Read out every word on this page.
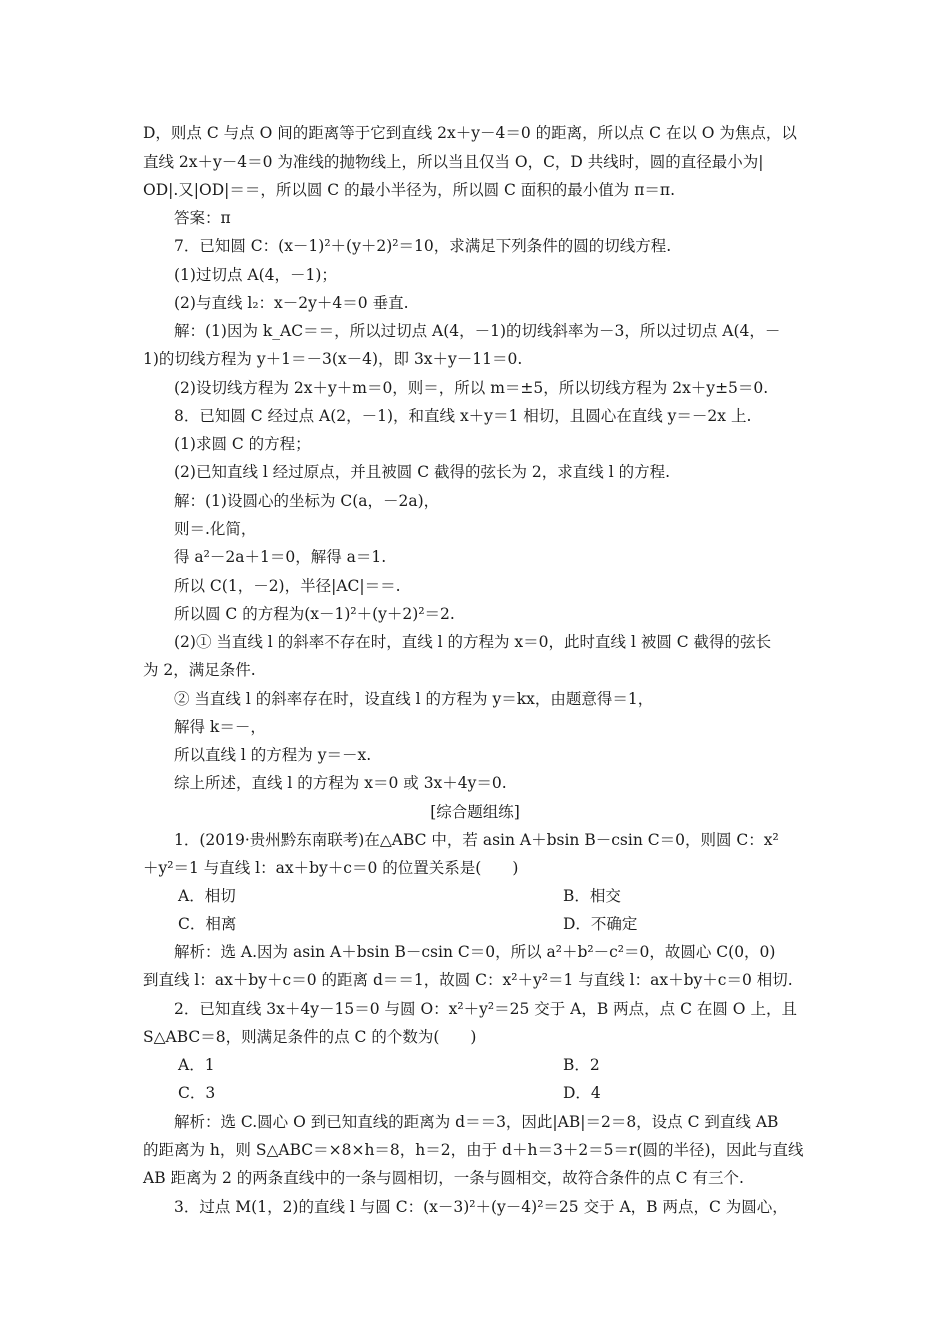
D，则点 C 与点 O 间的距离等于它到直线 2x＋y－4＝0 的距离，所以点 C 在以 O 为焦点，以
直线 2x＋y－4＝0 为准线的抛物线上，所以当且仅当 O，C，D 共线时，圆的直径最小为|
OD|.又|OD|＝＝，所以圆 C 的最小半径为，所以圆 C 面积的最小值为 π＝π.
答案：π
7．已知圆 C：(x－1)²＋(y＋2)²＝10，求满足下列条件的圆的切线方程.
(1)过切点 A(4，－1)；
(2)与直线 l₂：x－2y＋4＝0 垂直.
解：(1)因为 k_AC＝＝，所以过切点 A(4，－1)的切线斜率为－3，所以过切点 A(4，－
1)的切线方程为 y＋1＝－3(x－4)，即 3x＋y－11＝0.
(2)设切线方程为 2x＋y＋m＝0，则＝，所以 m＝±5，所以切线方程为 2x＋y±5＝0.
8．已知圆 C 经过点 A(2，－1)，和直线 x＋y＝1 相切，且圆心在直线 y＝－2x 上.
(1)求圆 C 的方程；
(2)已知直线 l 经过原点，并且被圆 C 截得的弦长为 2，求直线 l 的方程.
解：(1)设圆心的坐标为 C(a，－2a)，
则＝.化简，
得 a²－2a＋1＝0，解得 a＝1.
所以 C(1，－2)，半径|AC|＝＝.
所以圆 C 的方程为(x－1)²＋(y＋2)²＝2.
(2)① 当直线 l 的斜率不存在时，直线 l 的方程为 x＝0，此时直线 l 被圆 C 截得的弦长
为 2，满足条件.
② 当直线 l 的斜率存在时，设直线 l 的方程为 y＝kx，由题意得＝1，
解得 k＝－，
所以直线 l 的方程为 y＝－x.
综上所述，直线 l 的方程为 x＝0 或 3x＋4y＝0.
[综合题组练]
1．(2019·贵州黔东南联考)在△ABC 中，若 asin A＋bsin B－csin C＝0，则圆 C：x²
＋y²＝1 与直线 l：ax＋by＋c＝0 的位置关系是(　　)
A．相切	B．相交
C．相离	D．不确定
解析：选 A.因为 asin A＋bsin B－csin C＝0，所以 a²＋b²－c²＝0，故圆心 C(0，0)
到直线 l：ax＋by＋c＝0 的距离 d＝＝1，故圆 C：x²＋y²＝1 与直线 l：ax＋by＋c＝0 相切.
2．已知直线 3x＋4y－15＝0 与圆 O：x²＋y²＝25 交于 A，B 两点，点 C 在圆 O 上，且
S△ABC＝8，则满足条件的点 C 的个数为(　　)
A．1	B．2
C．3	D．4
解析：选 C.圆心 O 到已知直线的距离为 d＝＝3，因此|AB|＝2＝8，设点 C 到直线 AB
的距离为 h，则 S△ABC＝×8×h＝8，h＝2，由于 d＋h＝3＋2＝5＝r(圆的半径)，因此与直线
AB 距离为 2 的两条直线中的一条与圆相切，一条与圆相交，故符合条件的点 C 有三个.
3．过点 M(1，2)的直线 l 与圆 C：(x－3)²＋(y－4)²＝25 交于 A，B 两点，C 为圆心，
